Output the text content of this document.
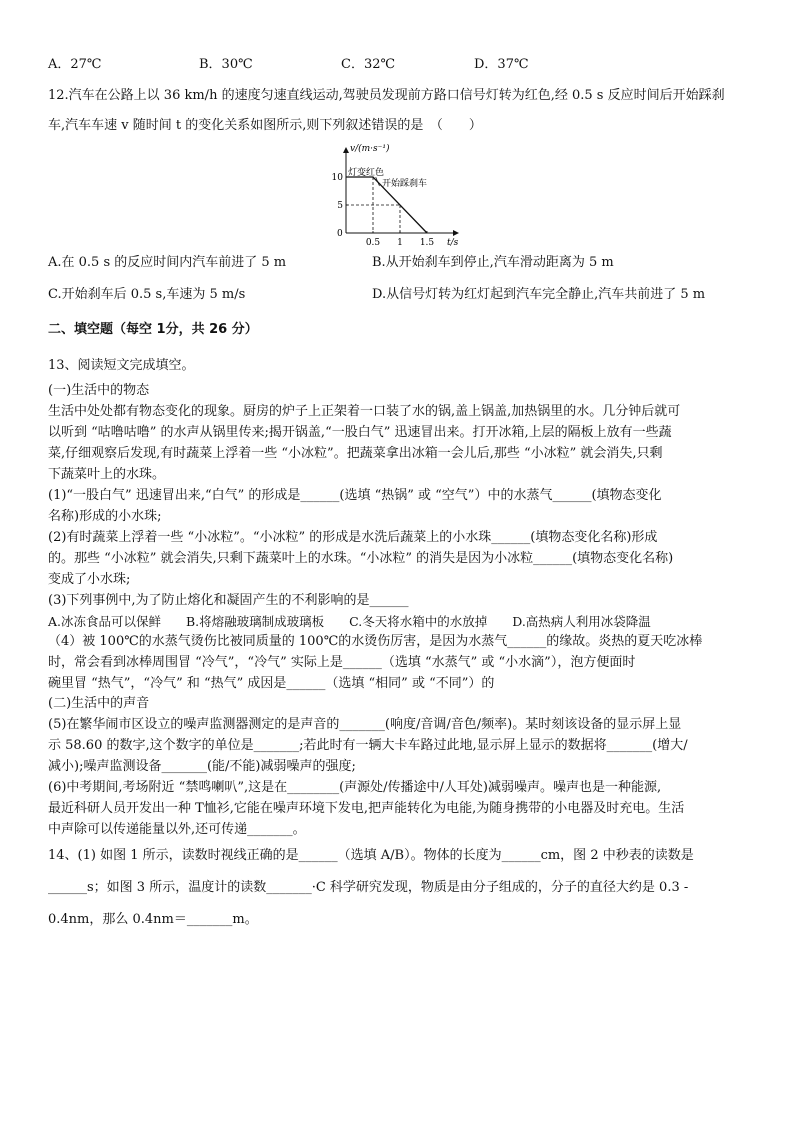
A．27℃	B．30℃	C．32℃	D．37℃
12.汽车在公路上以 36 km/h 的速度匀速直线运动,驾驶员发现前方路口信号灯转为红色,经 0.5 s 反应时间后开始踩刹
车,汽车车速 v 随时间 t 的变化关系如图所示,则下列叙述错误的是　（　　）
0.5 1 1.5
5
10
v/(m·s⁻¹)
t/s
0
灯变红色
开始踩刹车
A.在 0.5 s 的反应时间内汽车前进了 5 m	B.从开始刹车到停止,汽车滑动距离为 5 m
C.开始刹车后 0.5 s,车速为 5 m/s	D.从信号灯转为红灯起到汽车完全静止,汽车共前进了 5 m
二、填空题（每空 1分，共 26 分）
13、阅读短文完成填空。
(一)生活中的物态
生活中处处都有物态变化的现象。厨房的炉子上正架着一口装了水的锅,盖上锅盖,加热锅里的水。几分钟后就可
以听到 “咕噜咕噜” 的水声从锅里传来;揭开锅盖,“一股白气” 迅速冒出来。打开冰箱,上层的隔板上放有一些蔬
菜,仔细观察后发现,有时蔬菜上浮着一些 “小冰粒”。把蔬菜拿出冰箱一会儿后,那些 “小冰粒” 就会消失,只剩
下蔬菜叶上的水珠。
(1)“一股白气” 迅速冒出来,“白气” 的形成是______(选填 “热锅” 或 “空气”）中的水蒸气______(填物态变化
名称)形成的小水珠;
(2)有时蔬菜上浮着一些 “小冰粒”。“小冰粒” 的形成是水洗后蔬菜上的小水珠______(填物态变化名称)形成
的。那些 “小冰粒” 就会消失,只剩下蔬菜叶上的水珠。“小冰粒” 的消失是因为小冰粒______(填物态变化名称)
变成了小水珠;
(3)下列事例中,为了防止熔化和凝固产生的不利影响的是______
A.冰冻食品可以保鲜　　B.将熔融玻璃制成玻璃板　　C.冬天将水箱中的水放掉　　D.高热病人利用冰袋降温
（4）被 100℃的水蒸气烫伤比被同质量的 100℃的水烫伤厉害，是因为水蒸气______的缘故。炎热的夏天吃冰棒
时，常会看到冰棒周围冒 “冷气”，“冷气” 实际上是______（选填 “水蒸气” 或 “小水滴”），泡方便面时
碗里冒 “热气”，“冷气” 和 “热气” 成因是______（选填 “相同” 或 “不同”）的
(二)生活中的声音
(5)在繁华闹市区设立的噪声监测器测定的是声音的_______(响度/音调/音色/频率)。某时刻该设备的显示屏上显
示 58.60 的数字,这个数字的单位是_______;若此时有一辆大卡车路过此地,显示屏上显示的数据将_______(增大/
减小);噪声监测设备_______(能/不能)减弱噪声的强度;
(6)中考期间,考场附近 “禁鸣喇叭”,这是在________(声源处/传播途中/人耳处)减弱噪声。噪声也是一种能源,
最近科研人员开发出一种 T恤衫,它能在噪声环境下发电,把声能转化为电能,为随身携带的小电器及时充电。生活
中声除可以传递能量以外,还可传递_______。
14、(1) 如图 1 所示，读数时视线正确的是______（选填 A/B）。物体的长度为______cm，图 2 中秒表的读数是
______s；如图 3 所示，温度计的读数_______·C 科学研究发现，物质是由分子组成的，分子的直径大约是 0.3 -
0.4nm，那么 0.4nm＝_______m。
